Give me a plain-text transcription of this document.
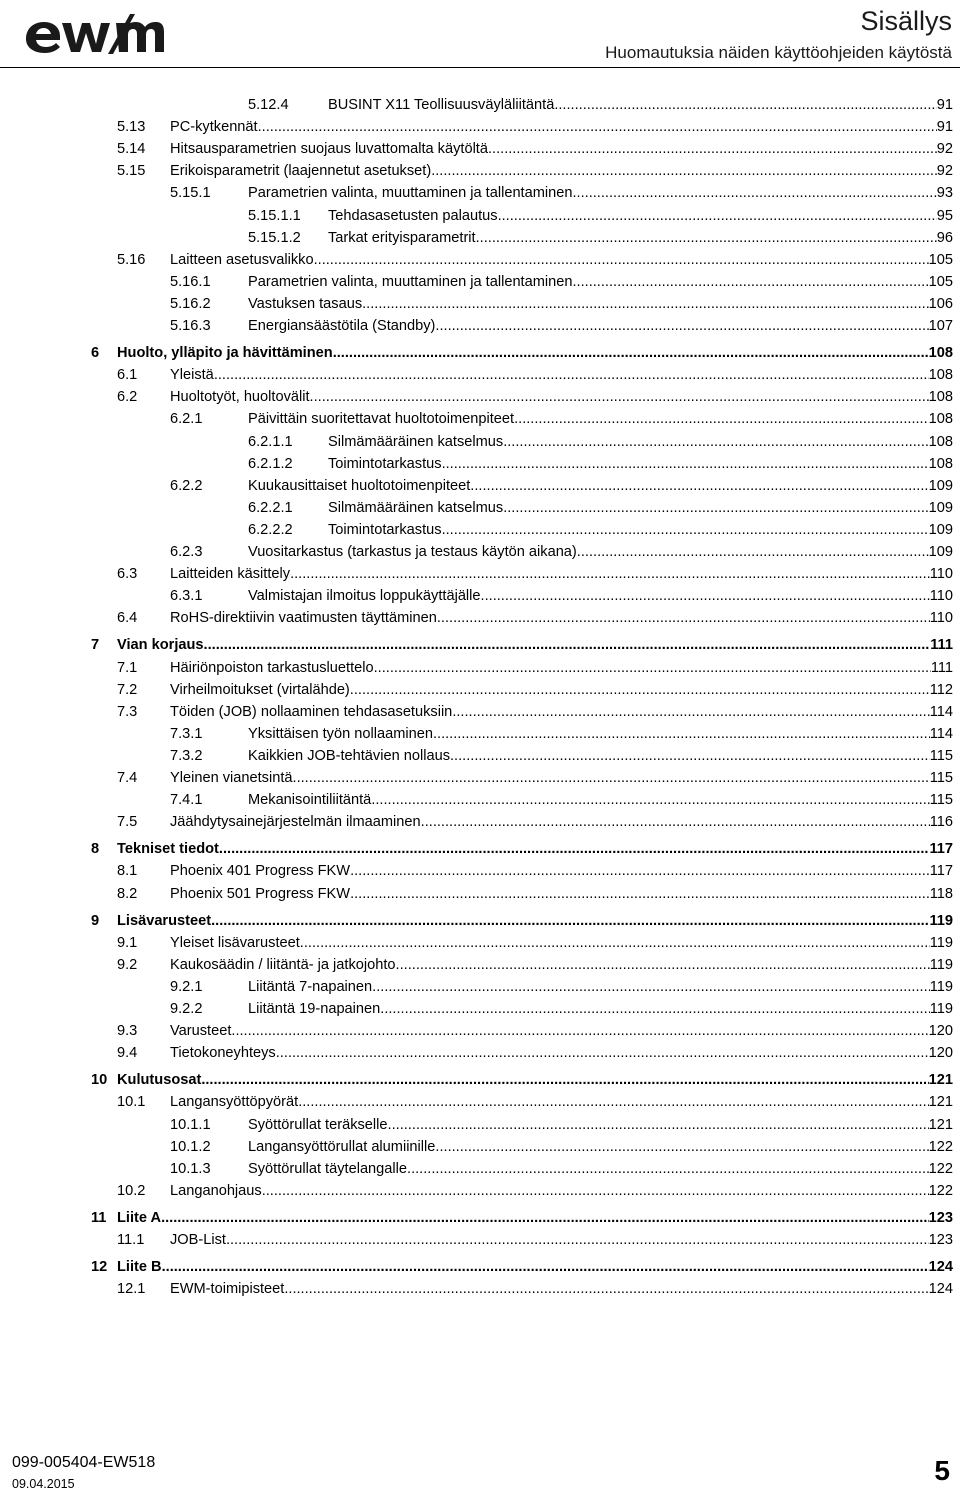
Sisällys
Huomautuksia näiden käyttöohjeiden käytöstä
5.12.4	BUSINT X11 Teollisuusväyläliitäntä .....	91
5.13	PC-kytkennät .....	91
5.14	Hitsausparametrien suojaus luvattomalta käytöltä .....	92
5.15	Erikoisparametrit (laajennetut asetukset) .....	92
5.15.1	Parametrien valinta, muuttaminen ja tallentaminen .....	93
5.15.1.1	Tehdasasetusten palautus .....	95
5.15.1.2	Tarkat erityisparametrit .....	96
5.16	Laitteen asetusvalikko .....	105
5.16.1	Parametrien valinta, muuttaminen ja tallentaminen .....	105
5.16.2	Vastuksen tasaus .....	106
5.16.3	Energiansäästötila (Standby) .....	107
6	Huolto, ylläpito ja hävittäminen .....	108
6.1	Yleistä .....	108
6.2	Huoltotyöt, huoltovälit .....	108
6.2.1	Päivittäin suoritettavat huoltotoimenpiteet .....	108
6.2.1.1	Silmämääräinen katselmus .....	108
6.2.1.2	Toimintotarkastus .....	108
6.2.2	Kuukausittaiset huoltotoimenpiteet .....	109
6.2.2.1	Silmämääräinen katselmus .....	109
6.2.2.2	Toimintotarkastus .....	109
6.2.3	Vuositarkastus (tarkastus ja testaus käytön aikana) .....	109
6.3	Laitteiden käsittely .....	110
6.3.1	Valmistajan ilmoitus loppukäyttäjälle .....	110
6.4	RoHS-direktiivin vaatimusten täyttäminen .....	110
7	Vian korjaus .....	111
7.1	Häiriönpoiston tarkastusluettelo .....	111
7.2	Virheilmoitukset (virtalähde) .....	112
7.3	Töiden (JOB) nollaaminen tehdasasetuksiin .....	114
7.3.1	Yksittäisen työn nollaaminen .....	114
7.3.2	Kaikkien JOB-tehtävien nollaus .....	115
7.4	Yleinen vianetsintä .....	115
7.4.1	Mekanisointiliitäntä .....	115
7.5	Jäähdytysainejärjestelmän ilmaaminen .....	116
8	Tekniset tiedot .....	117
8.1	Phoenix 401 Progress FKW .....	117
8.2	Phoenix 501 Progress FKW .....	118
9	Lisävarusteet .....	119
9.1	Yleiset lisävarusteet .....	119
9.2	Kaukosäädin / liitäntä- ja jatkojohto .....	119
9.2.1	Liitäntä 7-napainen .....	119
9.2.2	Liitäntä 19-napainen .....	119
9.3	Varusteet .....	120
9.4	Tietokoneyhteys .....	120
10 Kulutusosat .....	121
10.1	Langansyöttöpyörät .....	121
10.1.1	Syöttörullat teräkselle .....	121
10.1.2	Langansyöttörullat alumiinille .....	122
10.1.3	Syöttörullat täytelangalle .....	122
10.2	Langanohjaus .....	122
11 Liite A .....	123
11.1	JOB-List .....	123
12 Liite B .....	124
12.1	EWM-toimipisteet .....	124
099-005404-EW518
09.04.2015	5
